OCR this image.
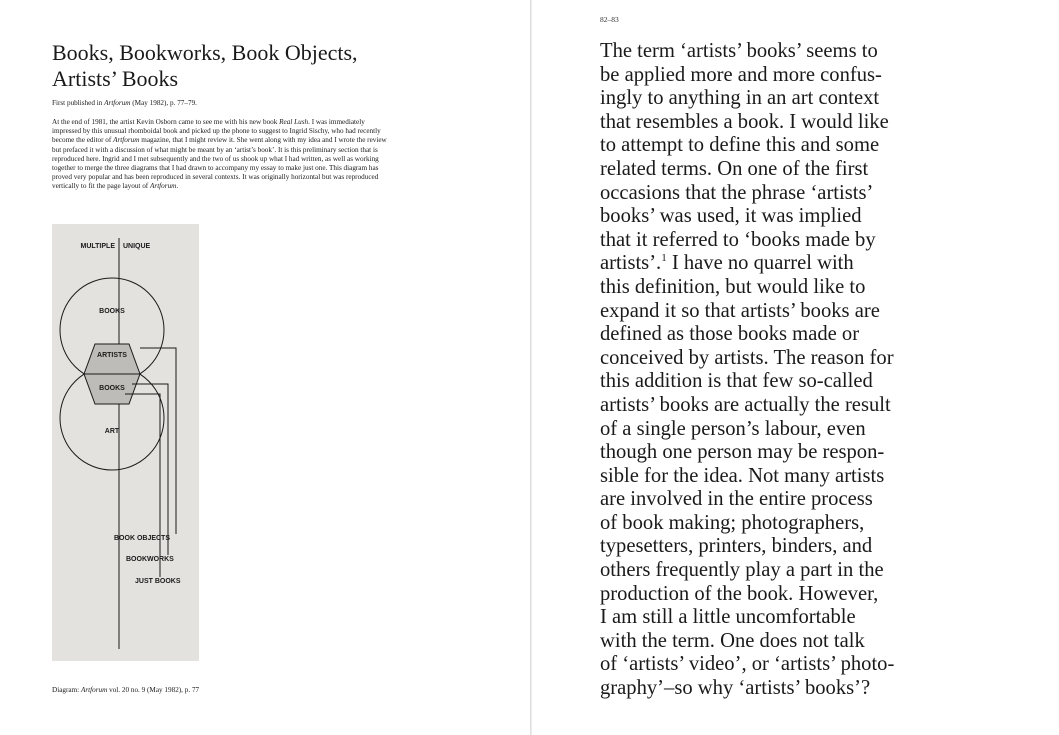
Books, Bookworks, Book Objects,
Artists’ Books
First published in Artforum (May 1982), p. 77–79.
At the end of 1981, the artist Kevin Osborn came to see me with his new book Real Lush. I was immediately impressed by this unusual rhomboidal book and picked up the phone to suggest to Ingrid Sischy, who had recently become the editor of Artforum magazine, that I might review it. She went along with my idea and I wrote the review but prefaced it with a discussion of what might be meant by an ‘artist’s book’. It is this preliminary section that is reproduced here. Ingrid and I met subsequently and the two of us shook up what I had written, as well as working together to merge the three diagrams that I had drawn to accompany my essay to make just one. This diagram has proved very popular and has been reproduced in several contexts. It was originally horizontal but was reproduced vertically to fit the page layout of Artforum.
MULTIPLE UNIQUE
BOOKS
ARTISTS
BOOKS
ART
BOOK OBJECTS
BOOKWORKS
JUST BOOKS
Diagram: Artforum vol. 20 no. 9 (May 1982), p. 77
82–83

The term ‘artists’ books’ seems to
be applied more and more confus-
ingly to anything in an art context
that resembles a book. I would like
to attempt to define this and some
related terms. On one of the first
occasions that the phrase ‘artists’
books’ was used, it was implied
that it referred to ‘books made by
artists’.$^1$ I have no quarrel with
this definition, but would like to
expand it so that artists’ books are
defined as those books made or
conceived by artists. The reason for
this addition is that few so-called
artists’ books are actually the result
of a single person’s labour, even
though one person may be respon-
sible for the idea. Not many artists
are involved in the entire process
of book making; photographers,
typesetters, printers, binders, and
others frequently play a part in the
production of the book. However,
I am still a little uncomfortable
with the term. One does not talk
of ‘artists’ video’, or ‘artists’ photo-
graphy’–so why ‘artists’ books’?
